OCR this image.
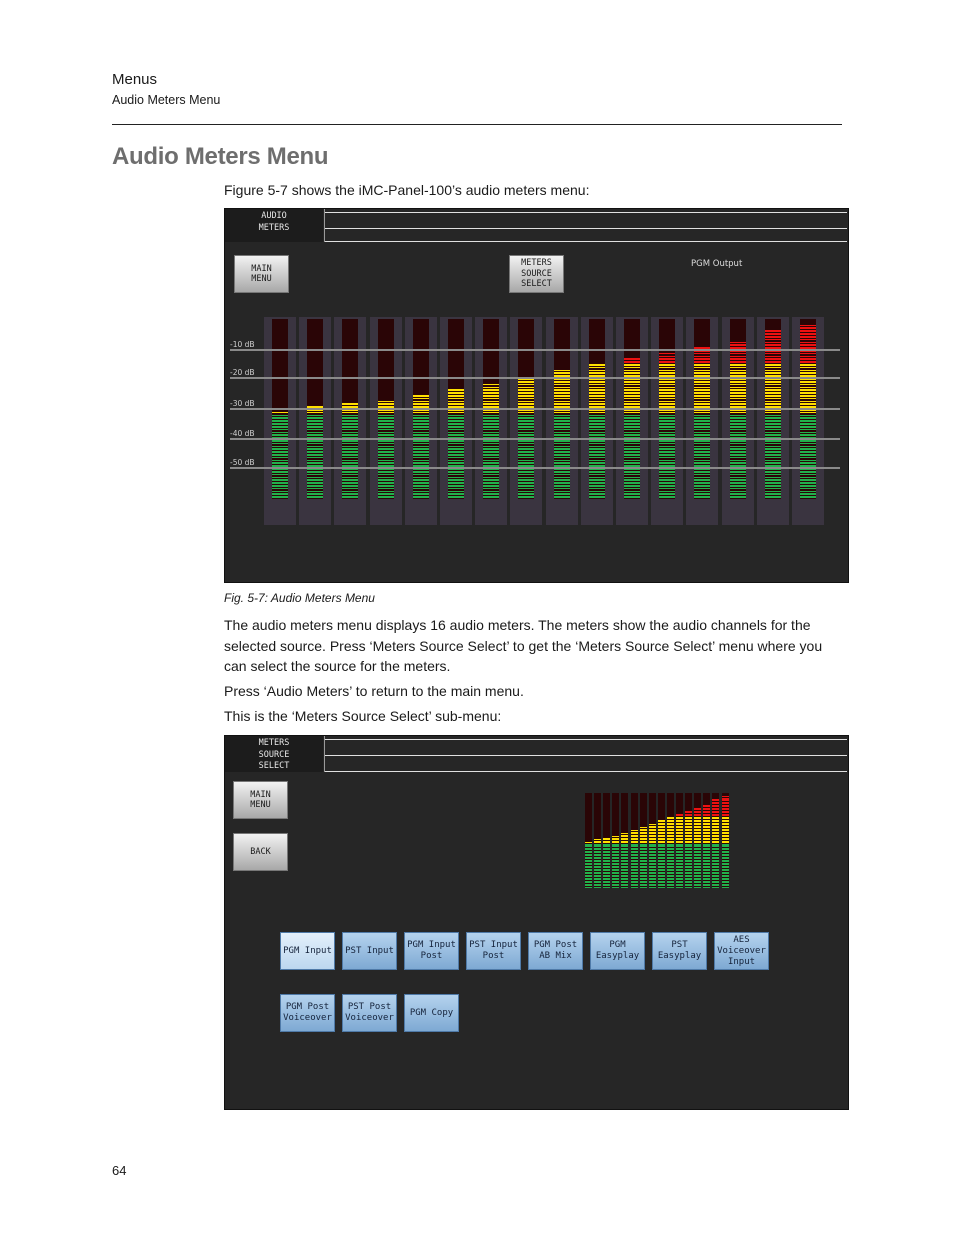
Menus
Audio Meters Menu
Audio Meters Menu
Figure 5-7 shows the iMC-Panel-100’s audio meters menu:
AUDIO
METERS
MAIN
MENU
METERS
SOURCE
SELECT
PGM Output
-10 dB
-20 dB
-30 dB
-40 dB
-50 dB
Fig. 5-7: Audio Meters Menu
The audio meters menu displays 16 audio meters. The meters show the audio channels for the selected source. Press ‘Meters Source Select’ to get the ‘Meters Source Select’ menu where you can select the source for the meters.
Press ‘Audio Meters’ to return to the main menu.
This is the ‘Meters Source Select’ sub-menu:
METERS
SOURCE
SELECT
MAIN
MENU
BACK
PGM Input	PST Input
PGM Input
Post
PST Input
Post
PGM Post
AB Mix
PGM
Easyplay
PST
Easyplay
AES
Voiceover
Input
PGM Post
Voiceover
PST Post
Voiceover
PGM Copy
64
